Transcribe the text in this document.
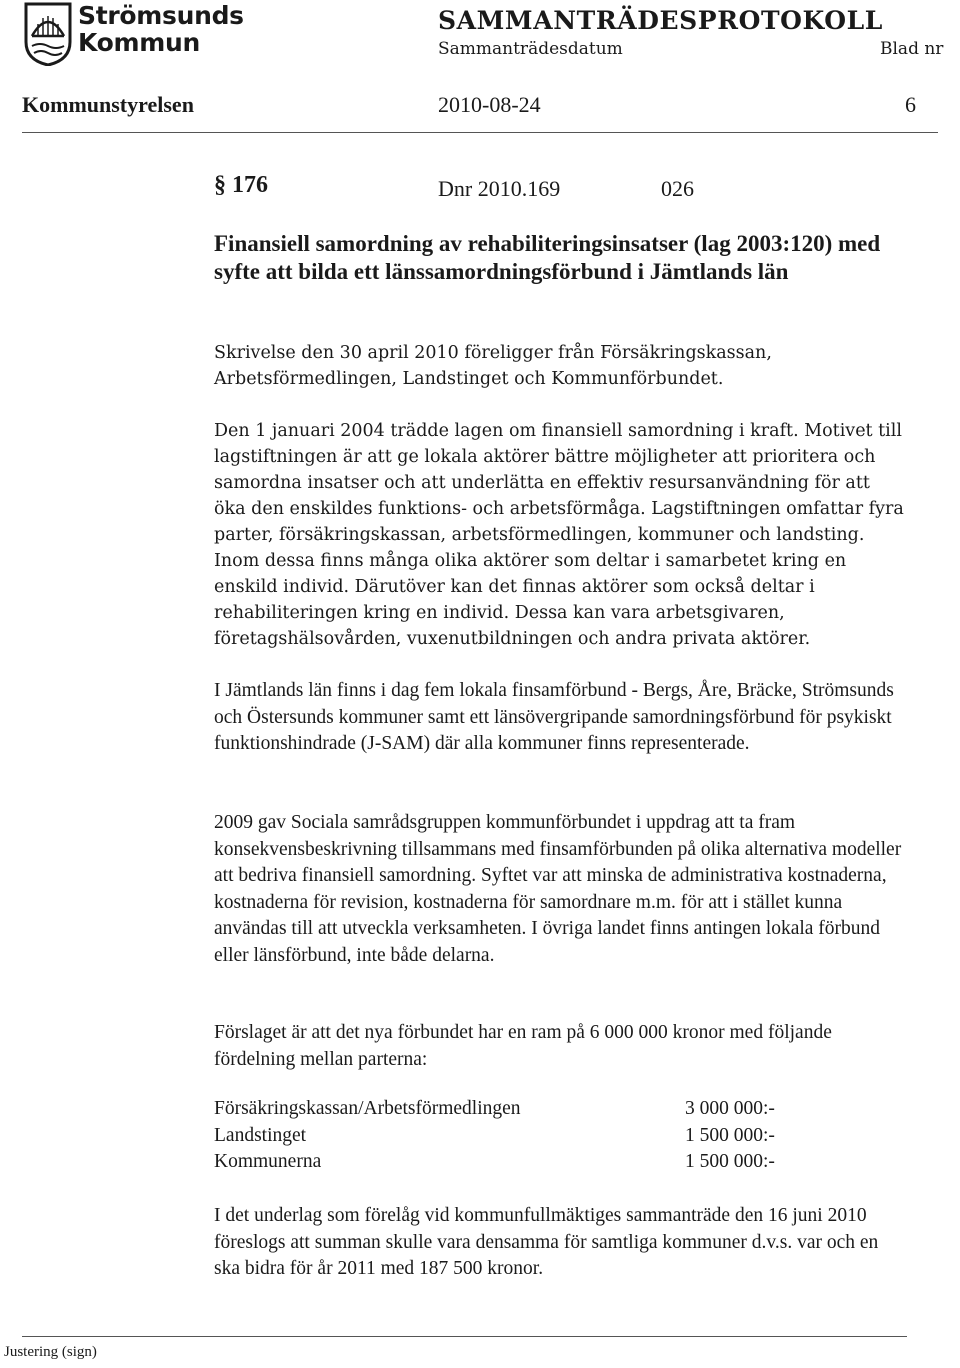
Strömsunds
Kommun
SAMMANTRÄDESPROTOKOLL
Sammanträdesdatum	Blad nr
Kommunstyrelsen	2010-08-24	6
§ 176	Dnr 2010.169	026
Finansiell samordning av rehabiliteringsinsatser (lag 2003:120) med syfte att bilda ett länssamordningsförbund i Jämtlands län
Skrivelse den 30 april 2010 föreligger från Försäkringskassan, Arbetsförmedlingen, Landstinget och Kommunförbundet.
Den 1 januari 2004 trädde lagen om finansiell samordning i kraft. Motivet till lagstiftningen är att ge lokala aktörer bättre möjligheter att prioritera och samordna insatser och att underlätta en effektiv resursanvändning för att öka den enskildes funktions- och arbetsförmåga. Lagstiftningen omfattar fyra parter, försäkringskassan, arbetsförmedlingen, kommuner och landsting. Inom dessa finns många olika aktörer som deltar i samarbetet kring en enskild individ. Därutöver kan det finnas aktörer som också deltar i rehabiliteringen kring en individ. Dessa kan vara arbetsgivaren, företagshälsovården, vuxenutbildningen och andra privata aktörer.
I Jämtlands län finns i dag fem lokala finsamförbund - Bergs, Åre, Bräcke, Strömsunds och Östersunds kommuner samt ett länsövergripande samordningsförbund för psykiskt funktionshindrade (J-SAM) där alla kommuner finns representerade.
2009 gav Sociala samrådsgruppen kommunförbundet i uppdrag att ta fram konsekvensbeskrivning tillsammans med finsamförbunden på olika alternativa modeller att bedriva finansiell samordning. Syftet var att minska de administrativa kostnaderna, kostnaderna för revision, kostnaderna för samordnare m.m. för att i stället kunna användas till att utveckla verksamheten. I övriga landet finns antingen lokala förbund eller länsförbund, inte både delarna.
Förslaget är att det nya förbundet har en ram på 6 000 000 kronor med följande fördelning mellan parterna:
Försäkringskassan/Arbetsförmedlingen	3 000 000:-
Landstinget	1 500 000:-
Kommunerna	1 500 000:-
I det underlag som förelåg vid kommunfullmäktiges sammanträde den 16 juni 2010 föreslogs att summan skulle vara densamma för samtliga kommuner d.v.s. var och en ska bidra för år 2011 med 187 500 kronor.
Justering (sign)
